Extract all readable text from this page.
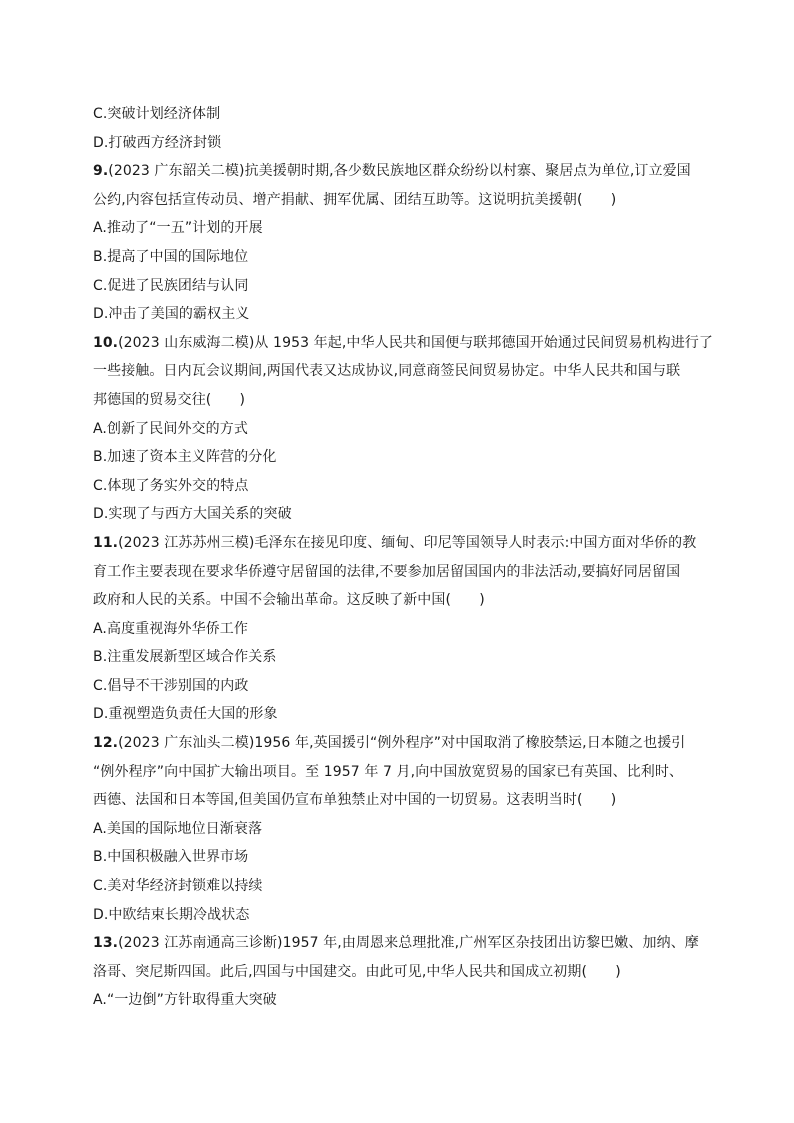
C.突破计划经济体制
D.打破西方经济封锁
9.(2023 广东韶关二模)抗美援朝时期,各少数民族地区群众纷纷以村寨、聚居点为单位,订立爱国
公约,内容包括宣传动员、增产捐献、拥军优属、团结互助等。这说明抗美援朝(　　)
A.推动了“一五”计划的开展
B.提高了中国的国际地位
C.促进了民族团结与认同
D.冲击了美国的霸权主义
10.(2023 山东威海二模)从 1953 年起,中华人民共和国便与联邦德国开始通过民间贸易机构进行了
一些接触。日内瓦会议期间,两国代表又达成协议,同意商签民间贸易协定。中华人民共和国与联
邦德国的贸易交往(　　)
A.创新了民间外交的方式
B.加速了资本主义阵营的分化
C.体现了务实外交的特点
D.实现了与西方大国关系的突破
11.(2023 江苏苏州三模)毛泽东在接见印度、缅甸、印尼等国领导人时表示:中国方面对华侨的教
育工作主要表现在要求华侨遵守居留国的法律,不要参加居留国国内的非法活动,要搞好同居留国
政府和人民的关系。中国不会输出革命。这反映了新中国(　　)
A.高度重视海外华侨工作
B.注重发展新型区域合作关系
C.倡导不干涉别国的内政
D.重视塑造负责任大国的形象
12.(2023 广东汕头二模)1956 年,英国援引“例外程序”对中国取消了橡胶禁运,日本随之也援引
“例外程序”向中国扩大输出项目。至 1957 年 7 月,向中国放宽贸易的国家已有英国、比利时、
西德、法国和日本等国,但美国仍宣布单独禁止对中国的一切贸易。这表明当时(　　)
A.美国的国际地位日渐衰落
B.中国积极融入世界市场
C.美对华经济封锁难以持续
D.中欧结束长期冷战状态
13.(2023 江苏南通高三诊断)1957 年,由周恩来总理批准,广州军区杂技团出访黎巴嫩、加纳、摩
洛哥、突尼斯四国。此后,四国与中国建交。由此可见,中华人民共和国成立初期(　　)
A.“一边倒”方针取得重大突破
